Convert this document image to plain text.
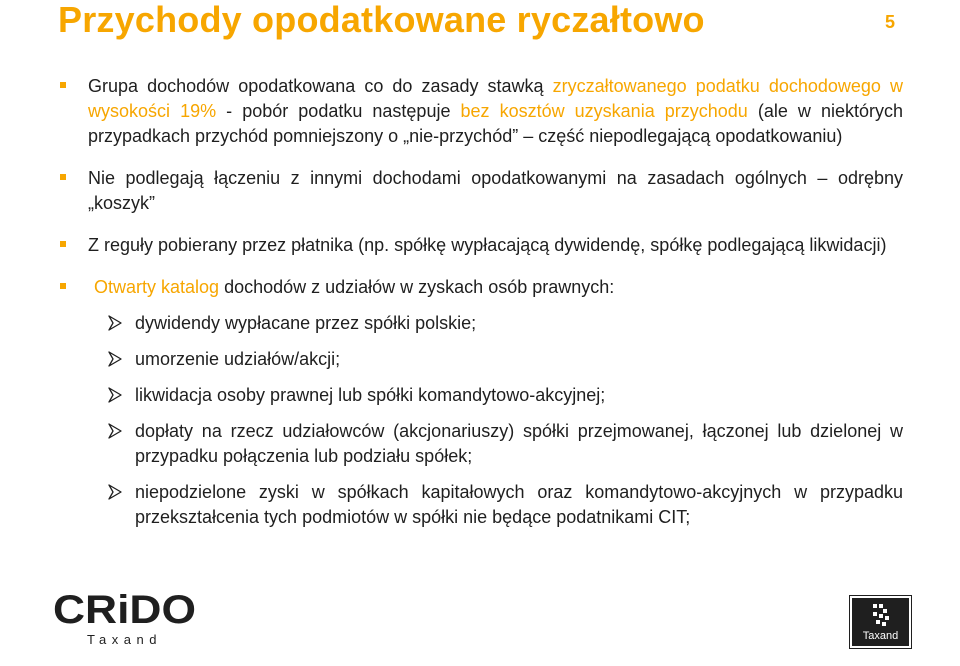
Przychody opodatkowane ryczałtowo	5
Grupa dochodów opodatkowana co do zasady stawką zryczałtowanego podatku dochodowego w wysokości 19% - pobór podatku następuje bez kosztów uzyskania przychodu (ale w niektórych przypadkach przychód pomniejszony o „nie-przychód” – część niepodlegającą opodatkowaniu)
Nie podlegają łączeniu z innymi dochodami opodatkowanymi na zasadach ogólnych – odrębny „koszyk”
Z reguły pobierany przez płatnika (np. spółkę wypłacającą dywidendę, spółkę podlegającą likwidacji)
Otwarty katalog dochodów z udziałów w zyskach osób prawnych:
dywidendy wypłacane przez spółki polskie;
umorzenie udziałów/akcji;
likwidacja osoby prawnej lub spółki komandytowo-akcyjnej;
dopłaty na rzecz udziałowców (akcjonariuszy) spółki przejmowanej, łączonej lub dzielonej w przypadku połączenia lub podziału spółek;
niepodzielone zyski w spółkach kapitałowych oraz komandytowo-akcyjnych w przypadku przekształcenia tych podmiotów w spółki nie będące podatnikami CIT;
CRiDO
Taxand	Taxand
